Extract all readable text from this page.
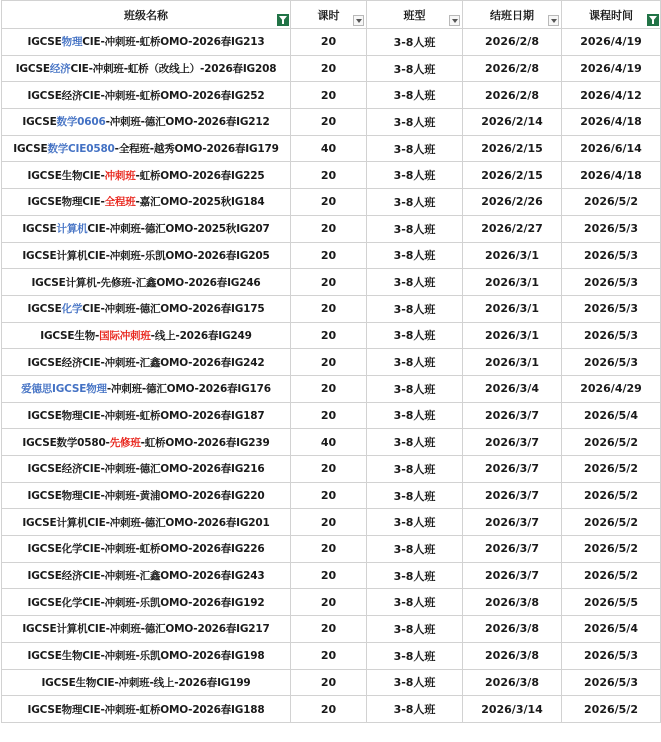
班级名称	课时	班型	结班日期	课程时间

IGCSE物理CIE-冲刺班-虹桥OMO-2026春IG213	20	3-8人班	2026/2/8	2026/4/19
IGCSE经济CIE-冲刺班-虹桥（改线上）-2026春IG208	20	3-8人班	2026/2/8	2026/4/19
IGCSE经济CIE-冲刺班-虹桥OMO-2026春IG252	20	3-8人班	2026/2/8	2026/4/12
IGCSE数学0606-冲刺班-德汇OMO-2026春IG212	20	3-8人班	2026/2/14	2026/4/18
IGCSE数学CIE0580-全程班-越秀OMO-2026春IG179	40	3-8人班	2026/2/15	2026/6/14
IGCSE生物CIE-冲刺班-虹桥OMO-2026春IG225	20	3-8人班	2026/2/15	2026/4/18
IGCSE物理CIE-全程班-嘉汇OMO-2025秋IG184	20	3-8人班	2026/2/26	2026/5/2
IGCSE计算机CIE-冲刺班-德汇OMO-2025秋IG207	20	3-8人班	2026/2/27	2026/5/3
IGCSE计算机CIE-冲刺班-乐凯OMO-2026春IG205	20	3-8人班	2026/3/1	2026/5/3
IGCSE计算机-先修班-汇鑫OMO-2026春IG246	20	3-8人班	2026/3/1	2026/5/3
IGCSE化学CIE-冲刺班-德汇OMO-2026春IG175	20	3-8人班	2026/3/1	2026/5/3
IGCSE生物-国际冲刺班-线上-2026春IG249	20	3-8人班	2026/3/1	2026/5/3
IGCSE经济CIE-冲刺班-汇鑫OMO-2026春IG242	20	3-8人班	2026/3/1	2026/5/3
爱德思IGCSE物理-冲刺班-德汇OMO-2026春IG176	20	3-8人班	2026/3/4	2026/4/29
IGCSE物理CIE-冲刺班-虹桥OMO-2026春IG187	20	3-8人班	2026/3/7	2026/5/4
IGCSE数学0580-先修班-虹桥OMO-2026春IG239	40	3-8人班	2026/3/7	2026/5/2
IGCSE经济CIE-冲刺班-德汇OMO-2026春IG216	20	3-8人班	2026/3/7	2026/5/2
IGCSE物理CIE-冲刺班-黄浦OMO-2026春IG220	20	3-8人班	2026/3/7	2026/5/2
IGCSE计算机CIE-冲刺班-德汇OMO-2026春IG201	20	3-8人班	2026/3/7	2026/5/2
IGCSE化学CIE-冲刺班-虹桥OMO-2026春IG226	20	3-8人班	2026/3/7	2026/5/2
IGCSE经济CIE-冲刺班-汇鑫OMO-2026春IG243	20	3-8人班	2026/3/7	2026/5/2
IGCSE化学CIE-冲刺班-乐凯OMO-2026春IG192	20	3-8人班	2026/3/8	2026/5/5
IGCSE计算机CIE-冲刺班-德汇OMO-2026春IG217	20	3-8人班	2026/3/8	2026/5/4
IGCSE生物CIE-冲刺班-乐凯OMO-2026春IG198	20	3-8人班	2026/3/8	2026/5/3
IGCSE生物CIE-冲刺班-线上-2026春IG199	20	3-8人班	2026/3/8	2026/5/3
IGCSE物理CIE-冲刺班-虹桥OMO-2026春IG188	20	3-8人班	2026/3/14	2026/5/2
